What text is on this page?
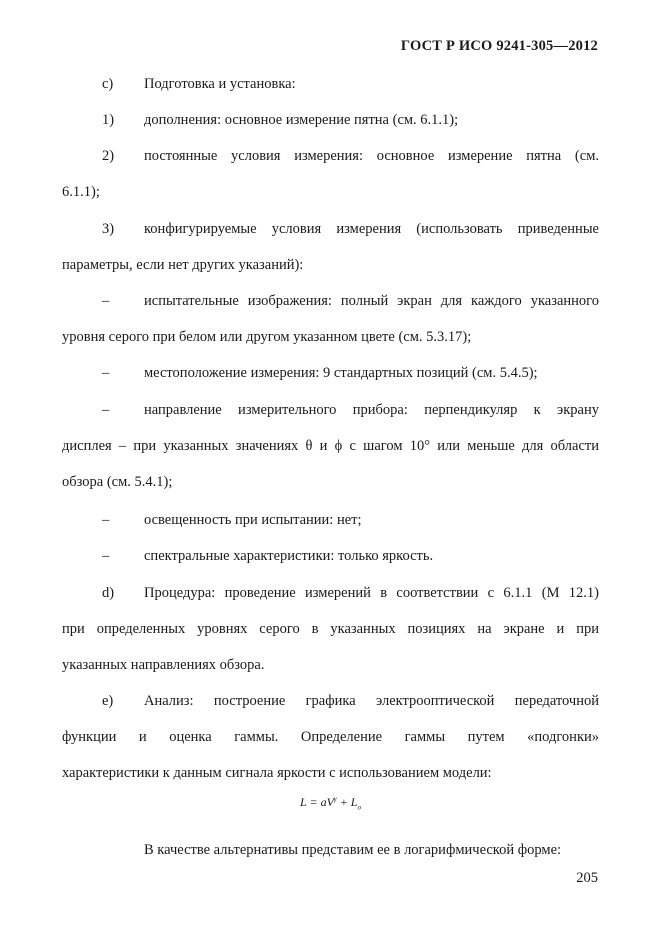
ГОСТ Р ИСО 9241-305—2012

c) Подготовка и установка:

1) дополнения: основное измерение пятна (см. 6.1.1);

2) постоянные условия измерения: основное измерение пятна (см.
6.1.1);

3) конфигурируемые условия измерения (использовать приведенные
параметры, если нет других указаний):

– испытательные изображения: полный экран для каждого указанного
уровня серого при белом или другом указанном цвете (см. 5.3.17);

– местоположение измерения: 9 стандартных позиций (см. 5.4.5);

– направление измерительного прибора: перпендикуляр к экрану
дисплея – при указанных значениях θ и ϕ с шагом 10° или меньше для области
обзора (см. 5.4.1);

– освещенность при испытании: нет;

– спектральные характеристики: только яркость.

d) Процедура: проведение измерений в соответствии с 6.1.1 (М 12.1)
при определенных уровнях серого в указанных позициях на экране и при
указанных направлениях обзора.

e) Анализ: построение графика электрооптической передаточной
функции и оценка гаммы. Определение гаммы путем «подгонки»
характеристики к данным сигнала яркости с использованием модели:

$L = aV^\gamma + L_o$

В качестве альтернативы представим ее в логарифмической форме:

205
